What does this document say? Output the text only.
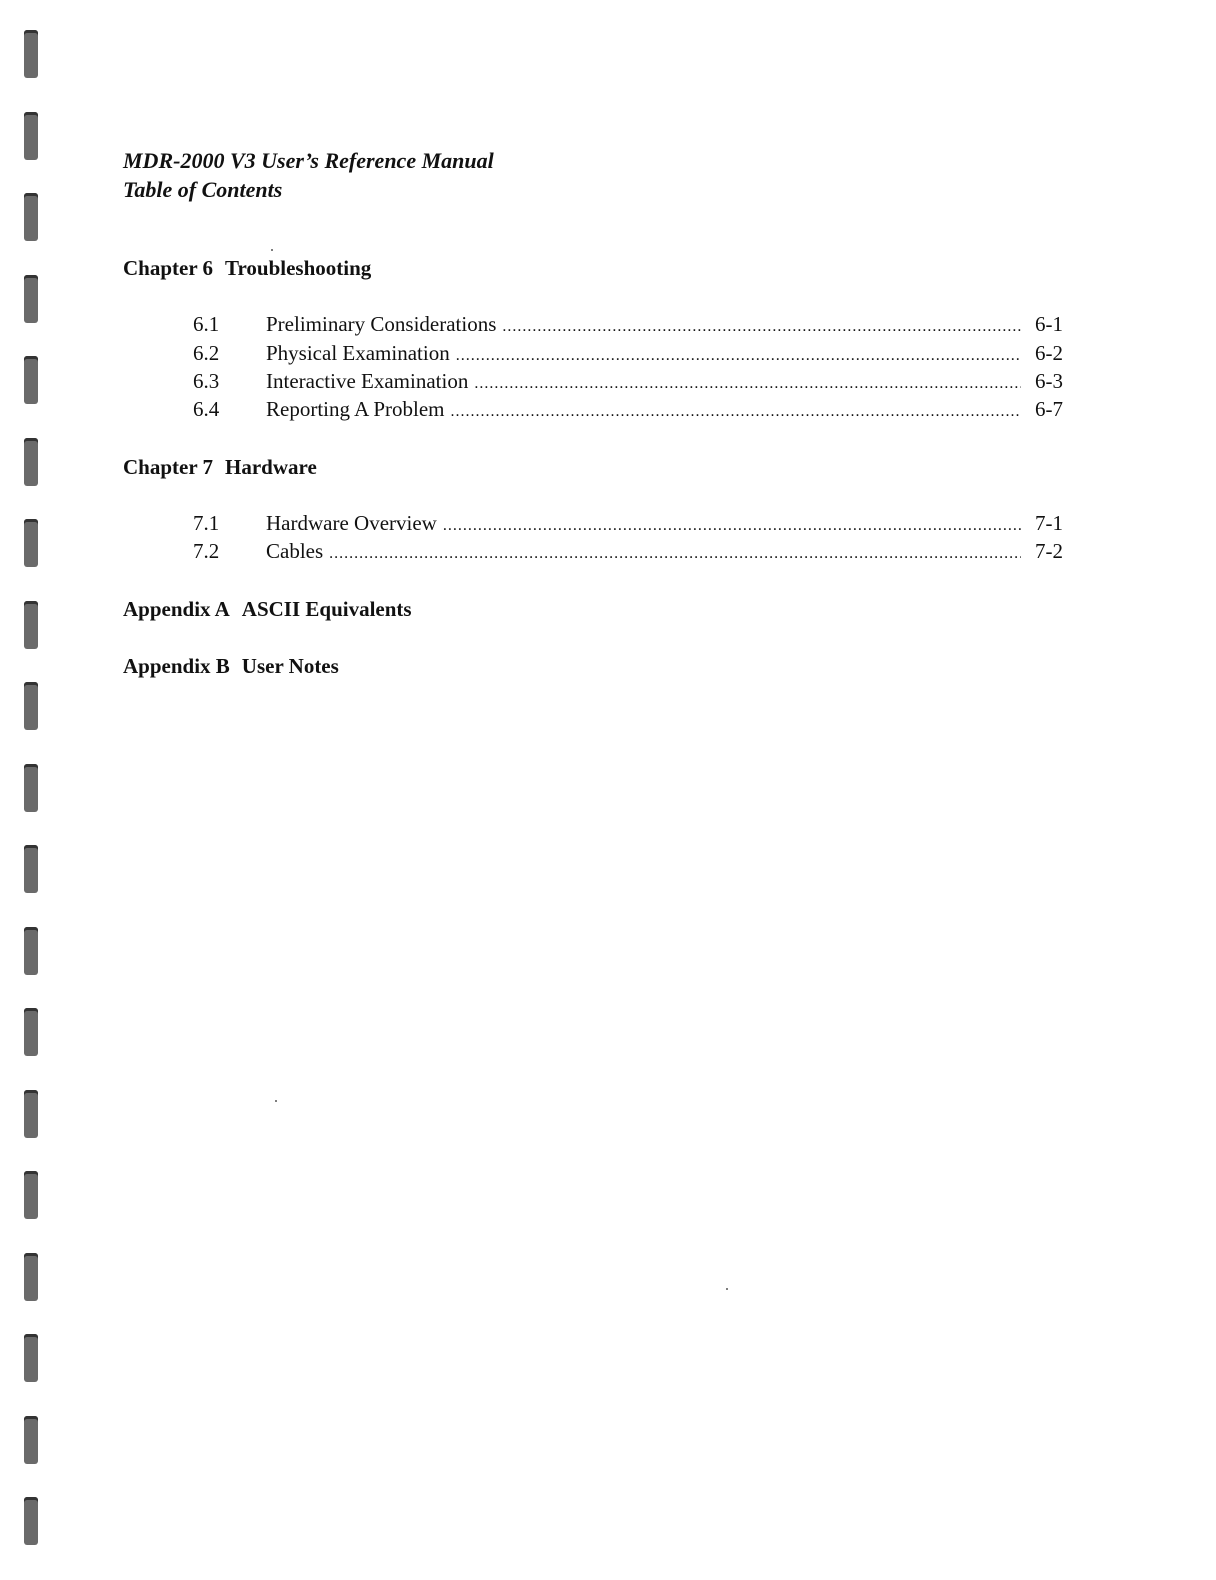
MDR-2000 V3 User’s Reference Manual
Table of Contents
Chapter 6 Troubleshooting
6.1	Preliminary Considerations .....	6-1
6.2	Physical Examination .....	6-2
6.3	Interactive Examination .....	6-3
6.4	Reporting A Problem .....	6-7
Chapter 7 Hardware
7.1	Hardware Overview .....	7-1
7.2	Cables .....	7-2
Appendix A ASCII Equivalents
Appendix B User Notes
